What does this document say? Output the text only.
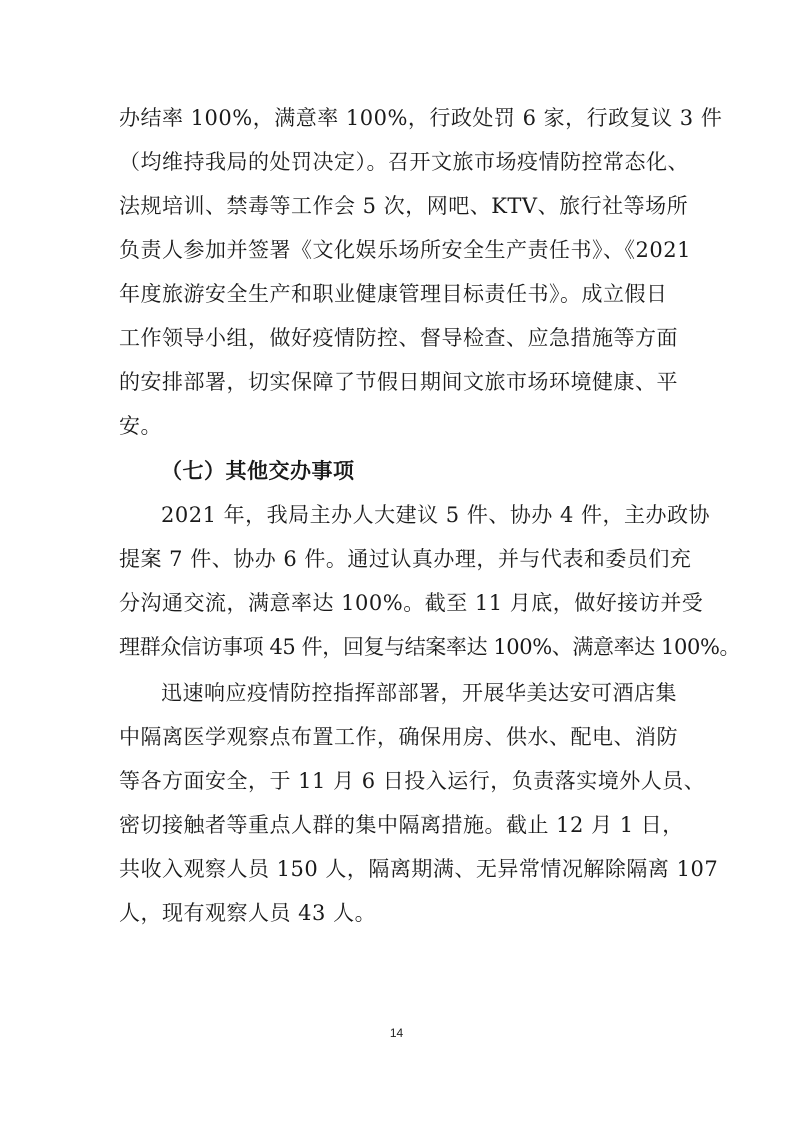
办结率 100%，满意率 100%，行政处罚 6 家，行政复议 3 件
（均维持我局的处罚决定）。召开文旅市场疫情防控常态化、
法规培训、禁毒等工作会 5 次，网吧、KTV、旅行社等场所
负责人参加并签署《文化娱乐场所安全生产责任书》、《2021
年度旅游安全生产和职业健康管理目标责任书》。成立假日
工作领导小组，做好疫情防控、督导检查、应急措施等方面
的安排部署，切实保障了节假日期间文旅市场环境健康、平
安。
（七）其他交办事项
2021 年，我局主办人大建议 5 件、协办 4 件，主办政协
提案 7 件、协办 6 件。通过认真办理，并与代表和委员们充
分沟通交流，满意率达 100%。截至 11 月底，做好接访并受
理群众信访事项 45 件，回复与结案率达 100%、满意率达 100%。
迅速响应疫情防控指挥部部署，开展华美达安可酒店集
中隔离医学观察点布置工作，确保用房、供水、配电、消防
等各方面安全，于 11 月 6 日投入运行，负责落实境外人员、
密切接触者等重点人群的集中隔离措施。截止 12 月 1 日，
共收入观察人员 150 人，隔离期满、无异常情况解除隔离 107
人，现有观察人员 43 人。
14
